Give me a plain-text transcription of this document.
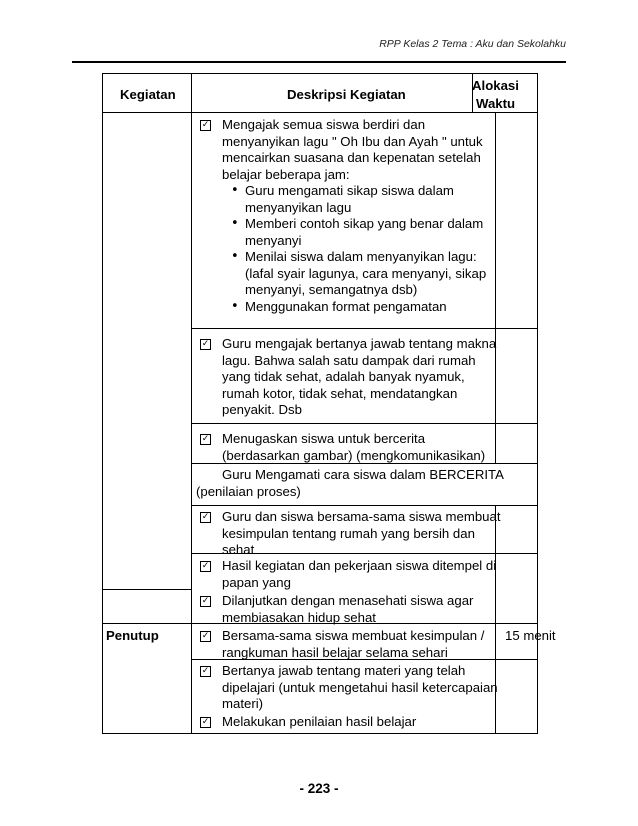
RPP Kelas 2 Tema : Aku dan Sekolahku
Kegiatan	Deskripsi Kegiatan
Alokasi
Waktu
✓ Mengajak semua siswa berdiri dan
menyanyikan lagu " Oh Ibu dan Ayah " untuk
mencairkan suasana dan kepenatan setelah
belajar beberapa jam:
• Guru mengamati sikap siswa dalam
menyanyikan lagu
• Memberi contoh sikap yang benar dalam
menyanyi
• Menilai siswa dalam menyanyikan lagu:
(lafal syair lagunya, cara menyanyi, sikap
menyanyi, semangatnya dsb)
• Menggunakan format pengamatan
✓ Guru mengajak bertanya jawab tentang makna
lagu. Bahwa salah satu dampak dari rumah
yang tidak sehat, adalah banyak nyamuk,
rumah kotor, tidak sehat, mendatangkan
penyakit. Dsb
✓ Menugaskan siswa untuk bercerita
(berdasarkan gambar) (mengkomunikasikan)
Guru Mengamati cara siswa dalam BERCERITA
(penilaian proses)
✓ Guru dan siswa bersama-sama siswa membuat
kesimpulan tentang rumah yang bersih dan
sehat
✓ Hasil kegiatan dan pekerjaan siswa ditempel di
papan yang
✓ Dilanjutkan dengan menasehati siswa agar
membiasakan hidup sehat
Penutup	15 menit
✓ Bersama-sama siswa membuat kesimpulan /
rangkuman hasil belajar selama sehari
✓ Bertanya jawab tentang materi yang telah
dipelajari (untuk mengetahui hasil ketercapaian
materi)
✓ Melakukan penilaian hasil belajar
- 223 -
